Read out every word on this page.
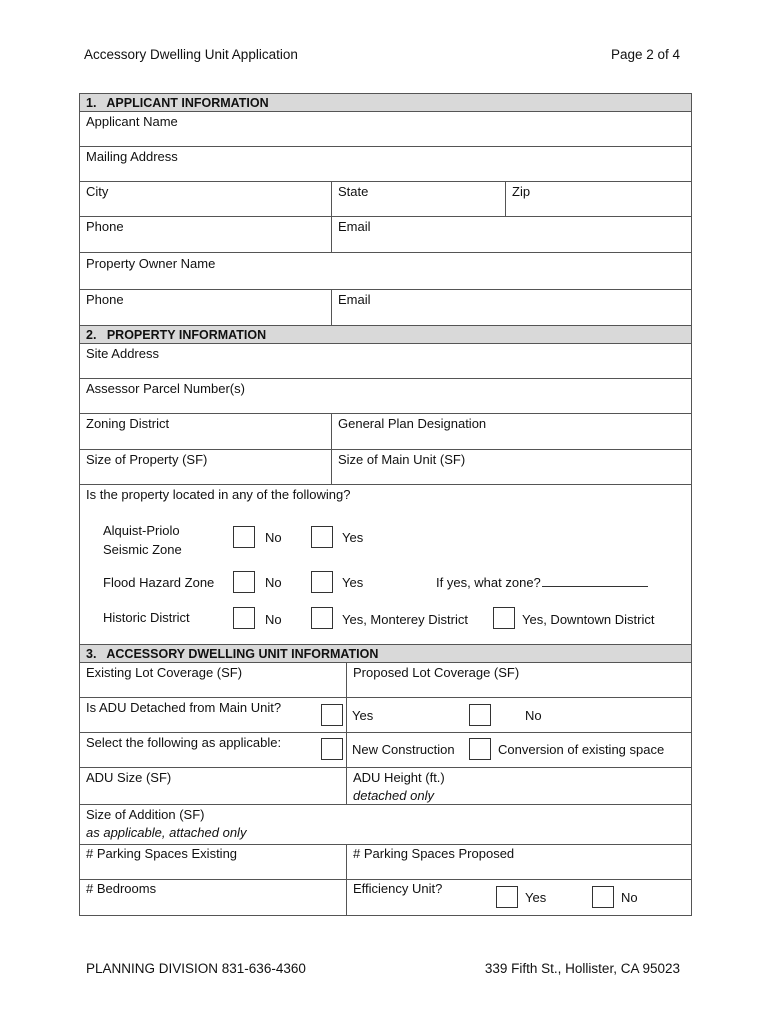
Accessory Dwelling Unit Application	Page 2 of 4
1.   APPLICANT INFORMATION
Applicant Name
Mailing Address
City	State	Zip
Phone	Email
Property Owner Name
Phone	Email
2.   PROPERTY INFORMATION
Site Address
Assessor Parcel Number(s)
Zoning District	General Plan Designation
Size of Property (SF)	Size of Main Unit (SF)
Is the property located in any of the following?
Alquist-Priolo
Seismic Zone
No	Yes
Flood Hazard Zone	No	Yes	If yes, what zone?
Historic District	No	Yes, Monterey District	Yes, Downtown District
3.   ACCESSORY DWELLING UNIT INFORMATION
Existing Lot Coverage (SF)	Proposed Lot Coverage (SF)
Is ADU Detached from Main Unit?
Yes	No
Select the following as applicable:	New Construction	Conversion of existing space
ADU Size (SF)	ADU Height (ft.)
detached only
Size of Addition (SF)
as applicable, attached only
# Parking Spaces Existing	# Parking Spaces Proposed
# Bedrooms	Efficiency Unit?
Yes	No
PLANNING DIVISION 831-636-4360	339 Fifth St., Hollister, CA 95023
